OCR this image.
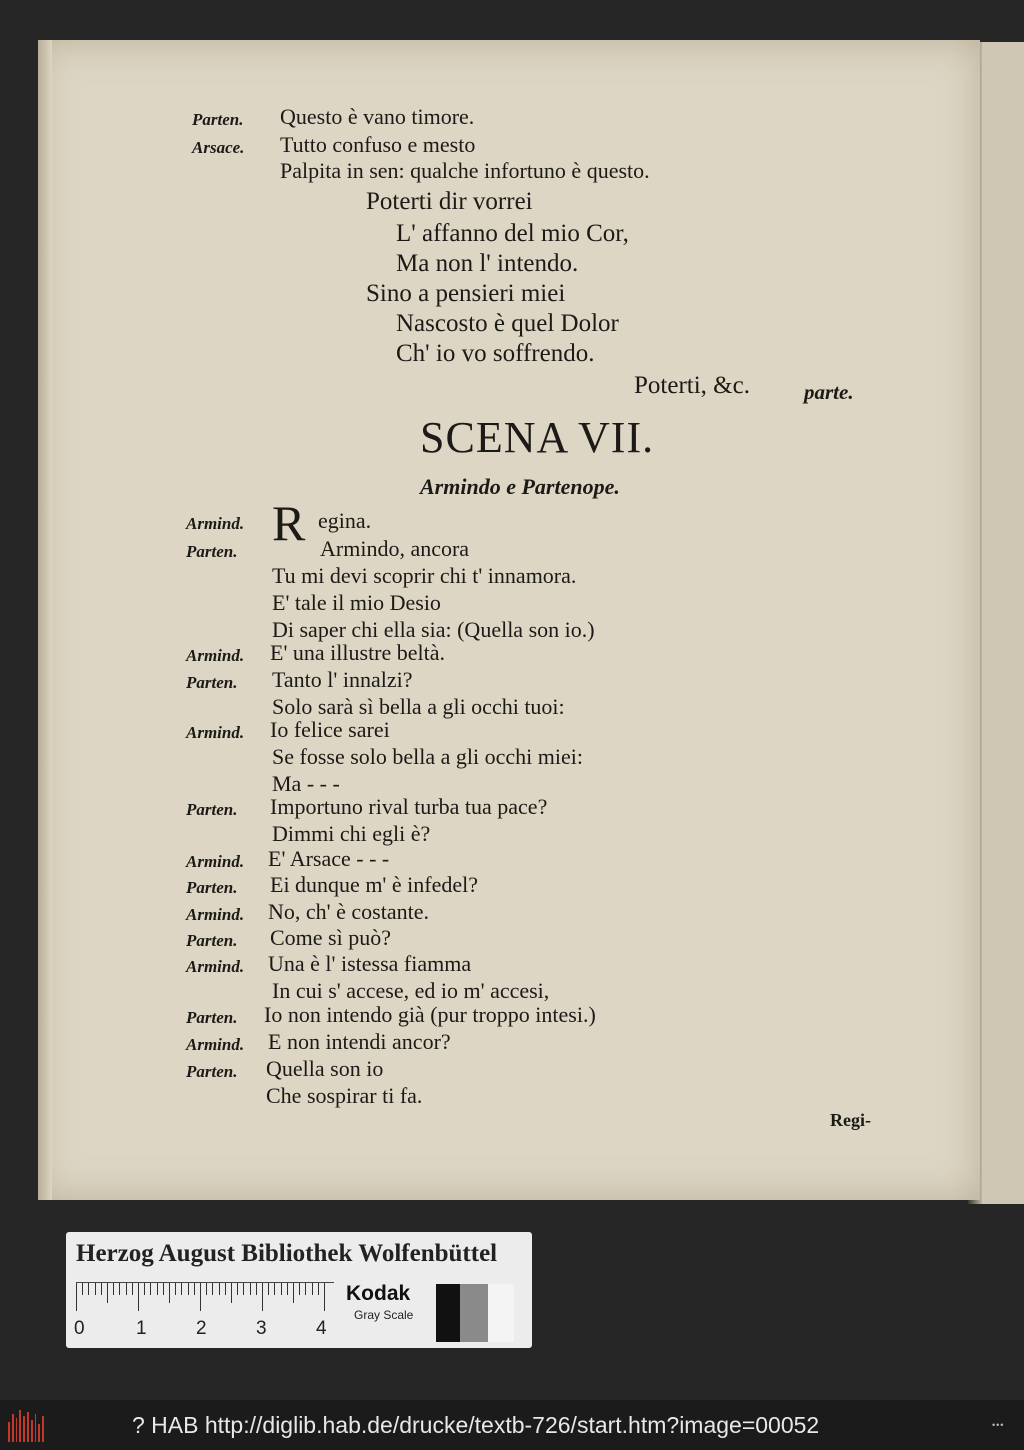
Parten. Questo è vano timore.
Arsace. Tutto confuso e mesto
Palpita in sen: qualche infortuno è questo.
Poterti dir vorrei
L' affanno del mio Cor,
Ma non l' intendo.
Sino a pensieri miei
Nascosto è quel Dolor
Ch' io vo soffrendo.
Poterti, &c.	parte.
SCENA VII.
Armindo e Partenope.
R
Armind.	egina.
Parten.	Armindo, ancora
Tu mi devi scoprir chi t' innamora.
E' tale il mio Desio
Di saper chi ella sia: (Quella son io.)
Armind. E' una illustre beltà.
Parten. Tanto l' innalzi?
Solo sarà sì bella a gli occhi tuoi:
Armind. Io felice sarei
Se fosse solo bella a gli occhi miei:
Ma - - -
Parten. Importuno rival turba tua pace?
Dimmi chi egli è?
Armind. E' Arsace - - -
Parten. Ei dunque m' è infedel?
Armind. No, ch' è costante.
Parten. Come sì può?
Armind. Una è l' istessa fiamma
In cui s' accese, ed io m' accesi,
Parten. Io non intendo già (pur troppo intesi.)
Armind. E non intendi ancor?
Parten. Quella son io
Che sospirar ti fa.
Regi-
Herzog August Bibliothek Wolfenbüttel
0	1	2	3	4
Kodak
Gray Scale
? HAB http://diglib.hab.de/drucke/textb-726/start.htm?image=00052	•••
